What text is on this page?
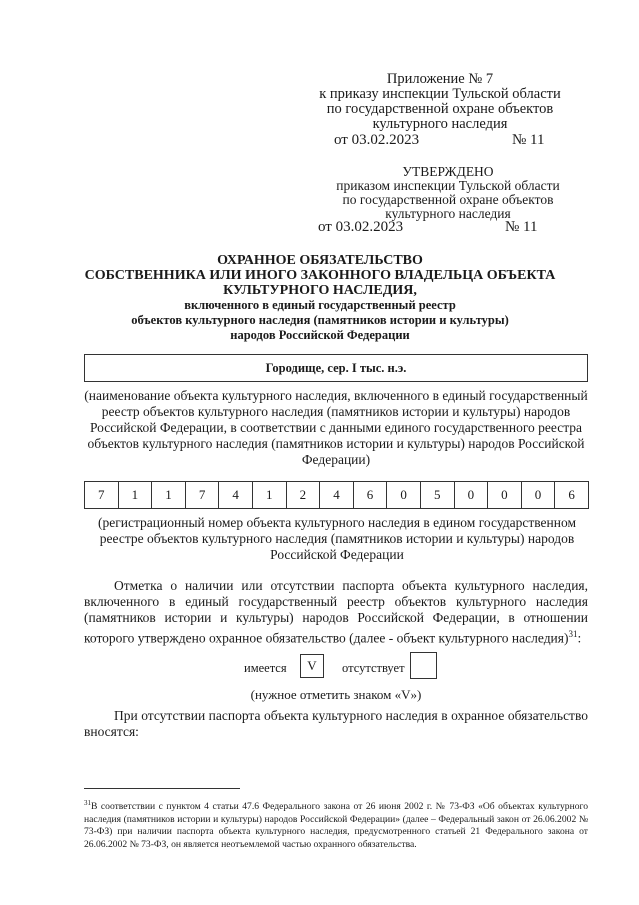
Приложение № 7
к приказу инспекции Тульской области
по государственной охране объектов
культурного наследия
от 03.02.2023	№ 11
УТВЕРЖДЕНО
приказом инспекции Тульской области
по государственной охране объектов
культурного наследия
от 03.02.2023	№ 11
ОХРАННОЕ ОБЯЗАТЕЛЬСТВО
СОБСТВЕННИКА ИЛИ ИНОГО ЗАКОННОГО ВЛАДЕЛЬЦА ОБЪЕКТА
КУЛЬТУРНОГО НАСЛЕДИЯ,
включенного в единый государственный реестр
объектов культурного наследия (памятников истории и культуры)
народов Российской Федерации
Городище, сер. I тыс. н.э.
(наименование объекта культурного наследия, включенного в единый государственный реестр объектов культурного наследия (памятников истории и культуры) народов Российской Федерации, в соответствии с данными единого государственного реестра объектов культурного наследия (памятников истории и культуры) народов Российской Федерации)
7	1	1	7	4	1	2	4	6	0	5	0	0	0	6
(регистрационный номер объекта культурного наследия в едином государственном реестре объектов культурного наследия (памятников истории и культуры) народов Российской Федерации
Отметка о наличии или отсутствии паспорта объекта культурного наследия, включенного в единый государственный реестр объектов культурного наследия (памятников истории и культуры) народов Российской Федерации, в отношении которого утверждено охранное обязательство (далее - объект культурного наследия)$^{31}$:
имеется V отсутствует
(нужное отметить знаком «V»)
При отсутствии паспорта объекта культурного наследия в охранное обязательство вносятся:
$^{31}$В соответствии с пунктом 4 статьи 47.6 Федерального закона от 26 июня 2002 г. № 73-ФЗ «Об объектах культурного наследия (памятников истории и культуры) народов Российской Федерации» (далее – Федеральный закон от 26.06.2002 № 73-ФЗ) при наличии паспорта объекта культурного наследия, предусмотренного статьей 21 Федерального закона от 26.06.2002 № 73-ФЗ, он является неотъемлемой частью охранного обязательства.
